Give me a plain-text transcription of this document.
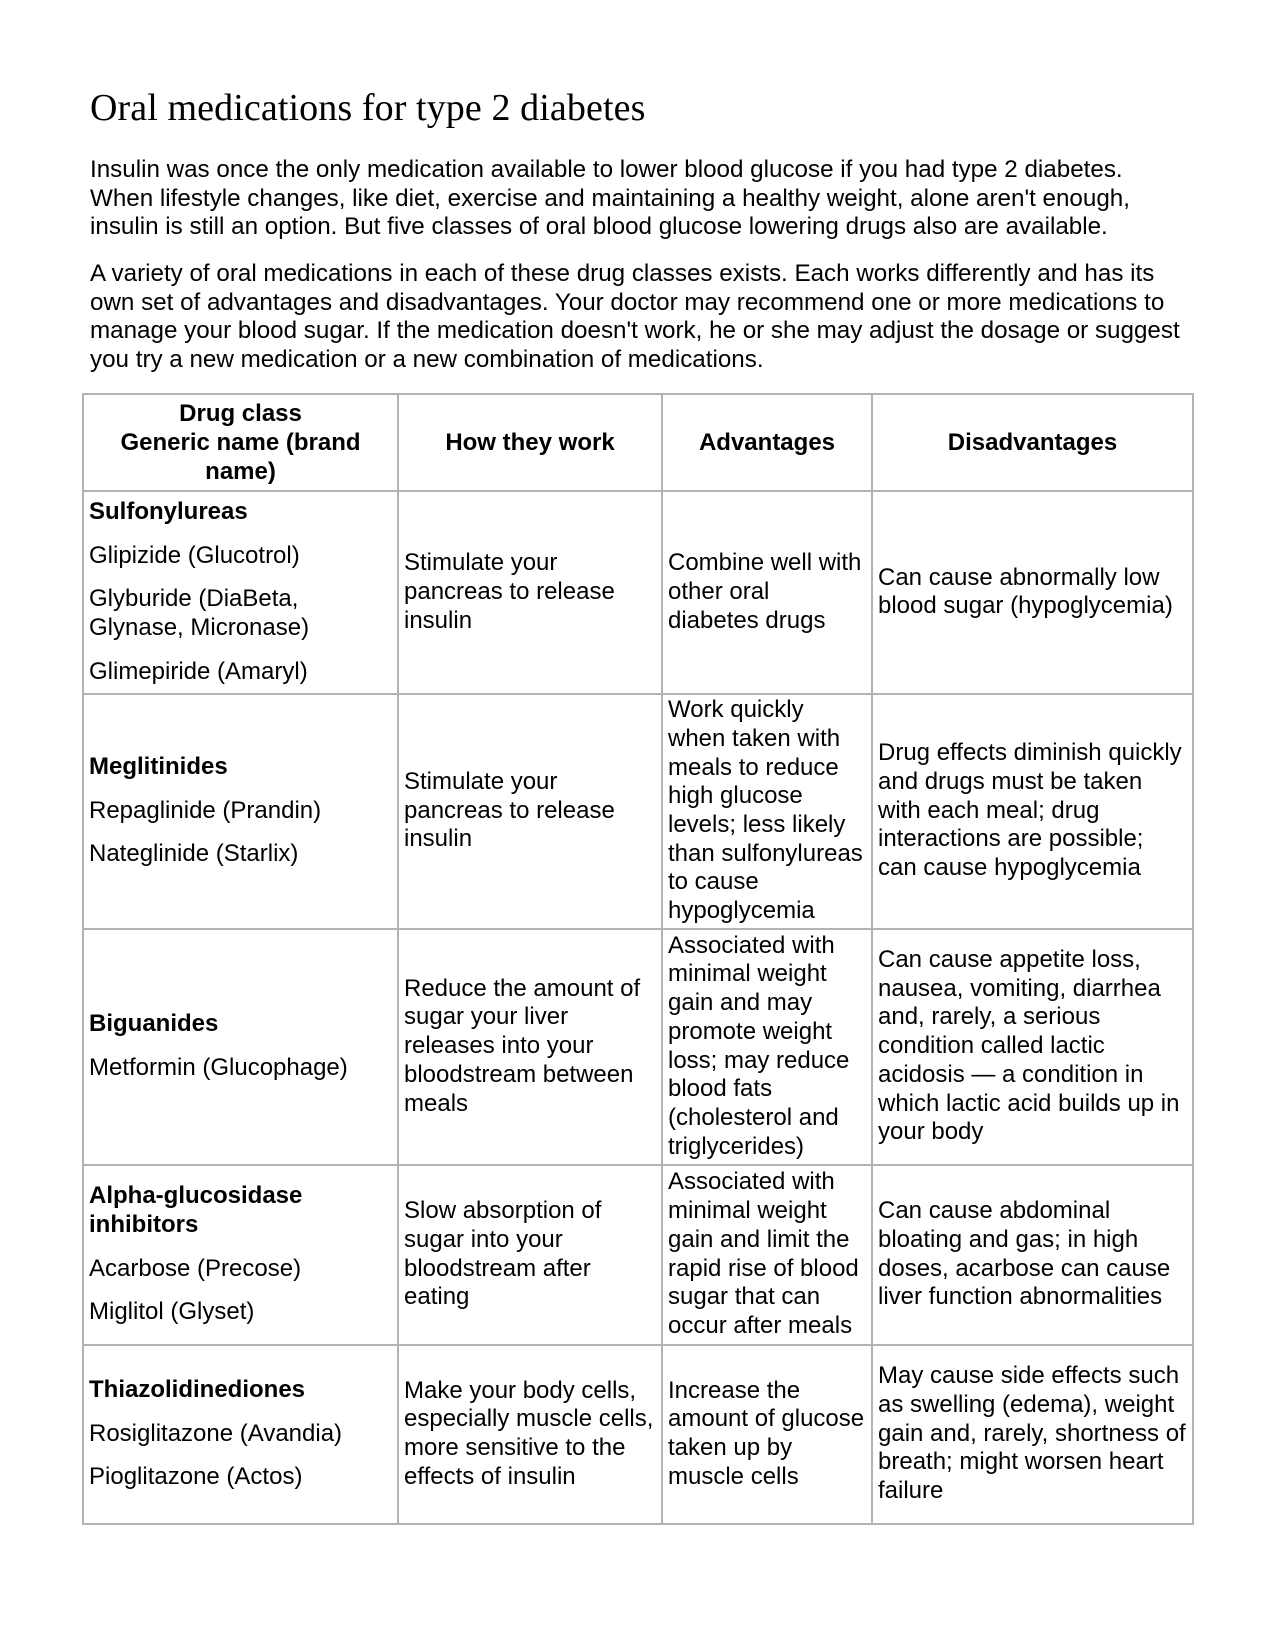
Oral medications for type 2 diabetes

Insulin was once the only medication available to lower blood glucose if you had type 2 diabetes. When lifestyle changes, like diet, exercise and maintaining a healthy weight, alone aren't enough, insulin is still an option. But five classes of oral blood glucose lowering drugs also are available.

A variety of oral medications in each of these drug classes exists. Each works differently and has its own set of advantages and disadvantages. Your doctor may recommend one or more medications to manage your blood sugar. If the medication doesn't work, he or she may adjust the dosage or suggest you try a new medication or a new combination of medications.

Drug class
Generic name (brand name)	How they work	Advantages	Disadvantages

Sulfonylureas

Glipizide (Glucotrol)

Glyburide (DiaBeta, Glynase, Micronase)

Glimepiride (Amaryl)	Stimulate your pancreas to release insulin	Combine well with other oral diabetes drugs	Can cause abnormally low blood sugar (hypoglycemia)

Meglitinides

Repaglinide (Prandin)

Nateglinide (Starlix)	Stimulate your pancreas to release insulin	Work quickly when taken with meals to reduce high glucose levels; less likely than sulfonylureas to cause hypoglycemia	Drug effects diminish quickly and drugs must be taken with each meal; drug interactions are possible; can cause hypoglycemia

Biguanides

Metformin (Glucophage)	Reduce the amount of sugar your liver releases into your bloodstream between meals	Associated with minimal weight gain and may promote weight loss; may reduce blood fats (cholesterol and triglycerides)	Can cause appetite loss, nausea, vomiting, diarrhea and, rarely, a serious condition called lactic acidosis — a condition in which lactic acid builds up in your body

Alpha-glucosidase inhibitors

Acarbose (Precose)

Miglitol (Glyset)	Slow absorption of sugar into your bloodstream after eating	Associated with minimal weight gain and limit the rapid rise of blood sugar that can occur after meals	Can cause abdominal bloating and gas; in high doses, acarbose can cause liver function abnormalities

Thiazolidinediones

Rosiglitazone (Avandia)

Pioglitazone (Actos)	Make your body cells, especially muscle cells, more sensitive to the effects of insulin	Increase the amount of glucose taken up by muscle cells	May cause side effects such as swelling (edema), weight gain and, rarely, shortness of breath; might worsen heart failure
